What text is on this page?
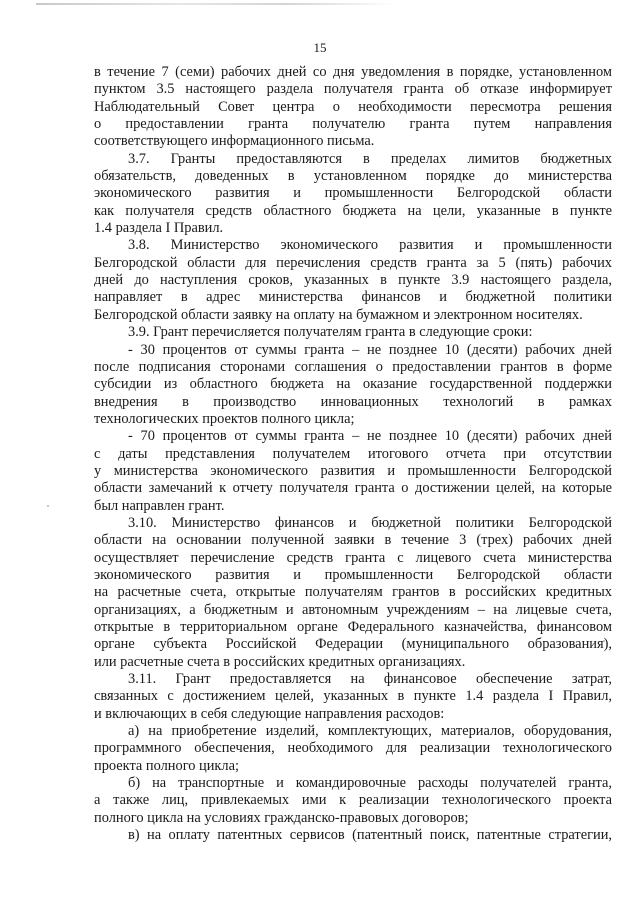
15

в течение 7 (семи) рабочих дней со дня уведомления в порядке, установленном

пунктом 3.5 настоящего раздела получателя гранта об отказе информирует

Наблюдательный Совет центра о необходимости пересмотра решения

о предоставлении гранта получателю гранта путем направления

соответствующего информационного письма.

3.7. Гранты предоставляются в пределах лимитов бюджетных

обязательств, доведенных в установленном порядке до министерства

экономического развития и промышленности Белгородской области

как получателя средств областного бюджета на цели, указанные в пункте

1.4 раздела I Правил.

3.8. Министерство экономического развития и промышленности

Белгородской области для перечисления средств гранта за 5 (пять) рабочих

дней до наступления сроков, указанных в пункте 3.9 настоящего раздела,

направляет в адрес министерства финансов и бюджетной политики

Белгородской области заявку на оплату на бумажном и электронном носителях.

3.9. Грант перечисляется получателям гранта в следующие сроки:

- 30 процентов от суммы гранта – не позднее 10 (десяти) рабочих дней

после подписания сторонами соглашения о предоставлении грантов в форме

субсидии из областного бюджета на оказание государственной поддержки

внедрения в производство инновационных технологий в рамках

технологических проектов полного цикла;

- 70 процентов от суммы гранта – не позднее 10 (десяти) рабочих дней

с даты представления получателем итогового отчета при отсутствии

у министерства экономического развития и промышленности Белгородской

области замечаний к отчету получателя гранта о достижении целей, на которые

был направлен грант.

3.10. Министерство финансов и бюджетной политики Белгородской

области на основании полученной заявки в течение 3 (трех) рабочих дней

осуществляет перечисление средств гранта с лицевого счета министерства

экономического развития и промышленности Белгородской области

на расчетные счета, открытые получателям грантов в российских кредитных

организациях, а бюджетным и автономным учреждениям – на лицевые счета,

открытые в территориальном органе Федерального казначейства, финансовом

органе субъекта Российской Федерации (муниципального образования),

или расчетные счета в российских кредитных организациях.

3.11. Грант предоставляется на финансовое обеспечение затрат,

связанных с достижением целей, указанных в пункте 1.4 раздела I Правил,

и включающих в себя следующие направления расходов:

а) на приобретение изделий, комплектующих, материалов, оборудования,

программного обеспечения, необходимого для реализации технологического

проекта полного цикла;

б) на транспортные и командировочные расходы получателей гранта,

а также лиц, привлекаемых ими к реализации технологического проекта

полного цикла на условиях гражданско-правовых договоров;

в) на оплату патентных сервисов (патентный поиск, патентные стратегии,
